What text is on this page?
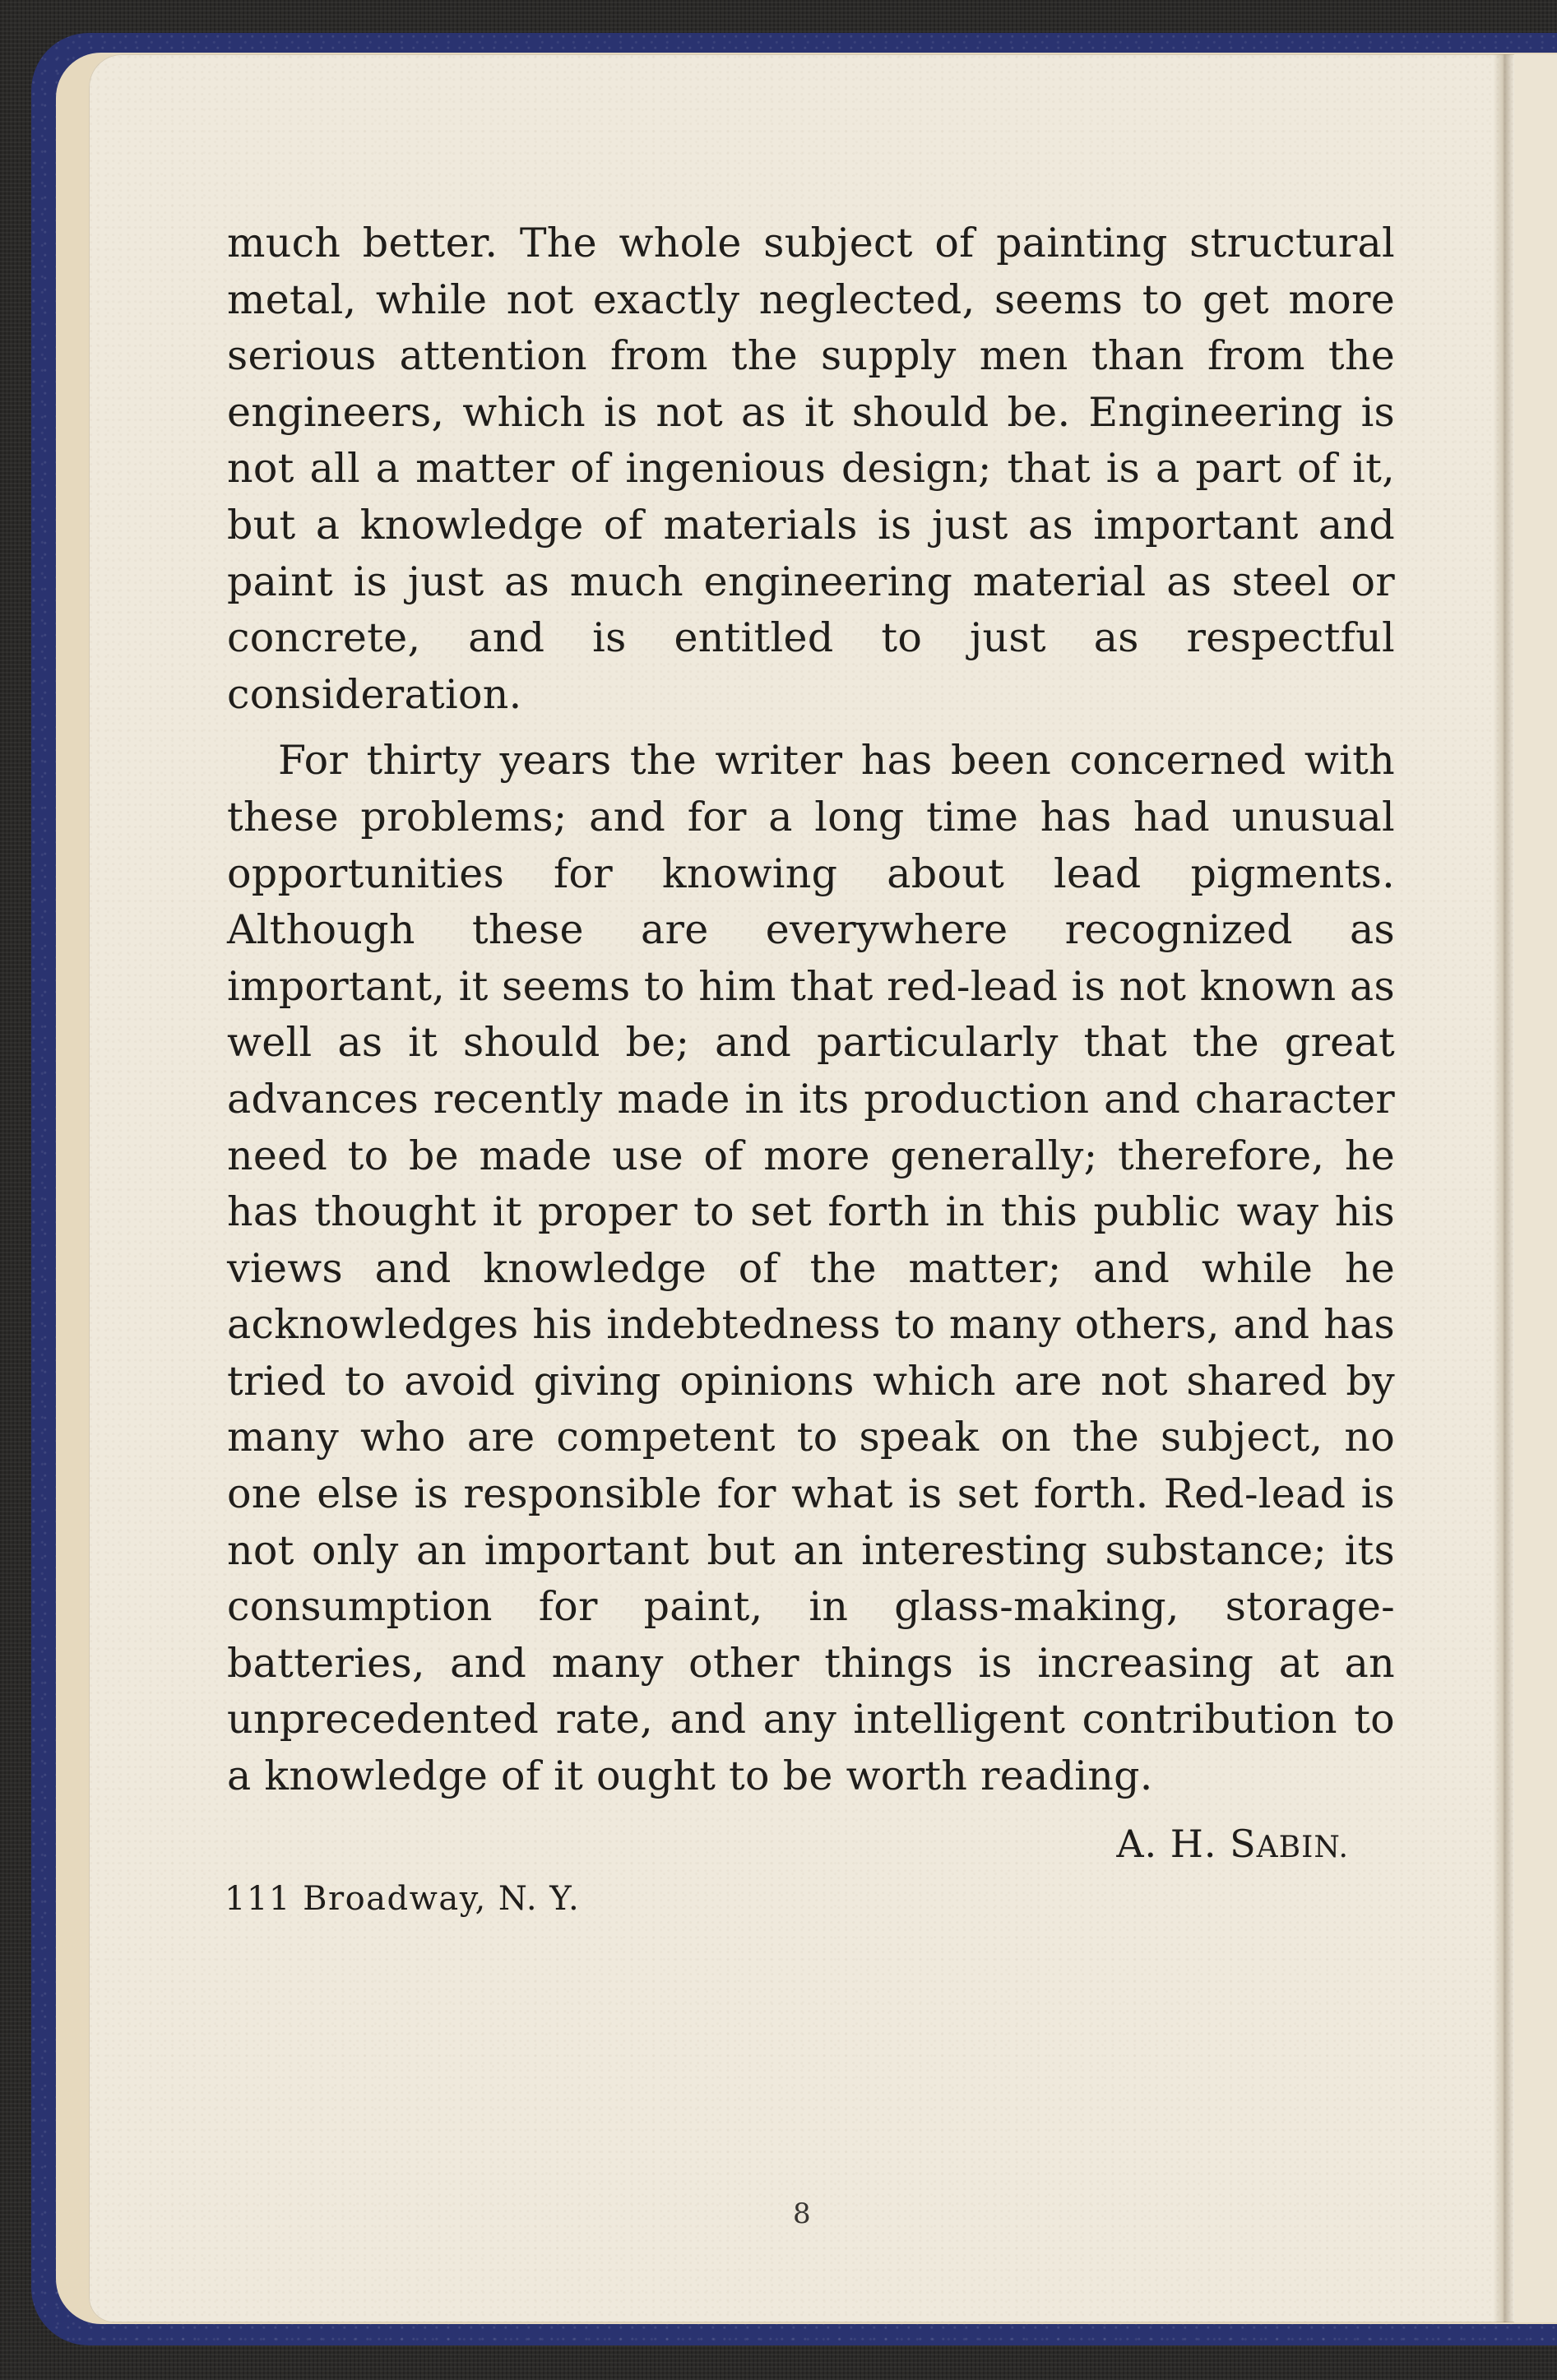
much better. The whole subject of painting structural metal, while not exactly neglected, seems to get more serious attention from the supply men than from the engineers, which is not as it should be. Engineering is not all a matter of ingenious design; that is a part of it, but a knowledge of materials is just as important and paint is just as much engineering material as steel or concrete, and is entitled to just as respectful consideration.

For thirty years the writer has been concerned with these problems; and for a long time has had unusual opportunities for knowing about lead pigments. Although these are everywhere recognized as important, it seems to him that red-lead is not known as well as it should be; and particularly that the great advances recently made in its production and character need to be made use of more generally; therefore, he has thought it proper to set forth in this public way his views and knowledge of the matter; and while he acknowledges his indebtedness to many others, and has tried to avoid giving opinions which are not shared by many who are competent to speak on the subject, no one else is responsible for what is set forth. Red-lead is not only an important but an interesting substance; its consumption for paint, in glass-making, storage-batteries, and many other things is increasing at an unprecedented rate, and any intelligent contribution to a knowledge of it ought to be worth reading.

A. H. SABIN.
111 Broadway, N. Y.
8
